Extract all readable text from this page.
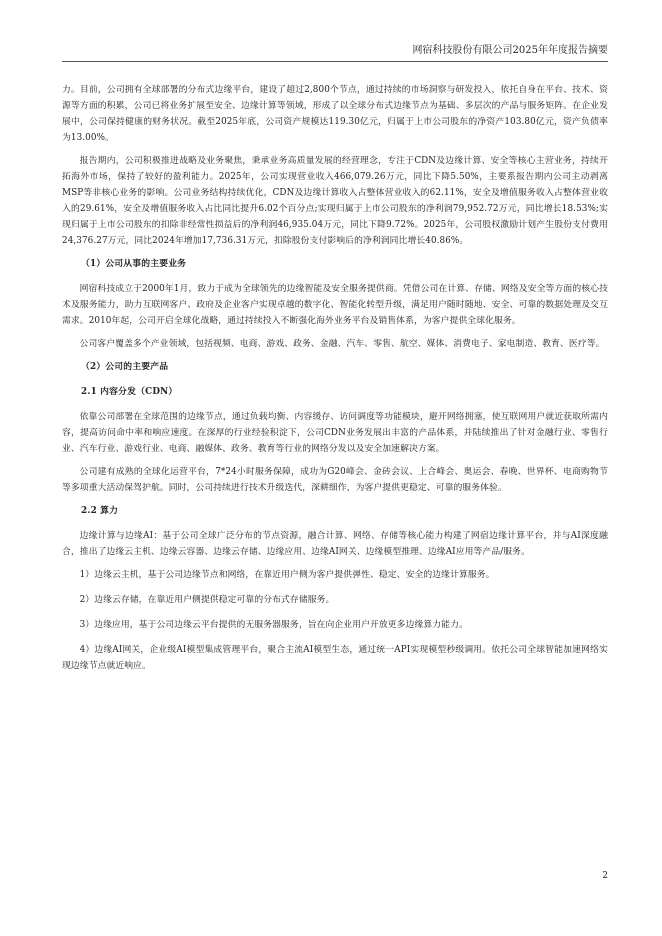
网宿科技股份有限公司2025年年度报告摘要

力。目前，公司拥有全球部署的分布式边缘平台，建设了超过2,800个节点，通过持续的市场洞察与研发投入，依托自身在平台、技术、资源等方面的积累，公司已将业务扩展至安全、边缘计算等领域，形成了以全球分布式边缘节点为基础、多层次的产品与服务矩阵。在企业发展中，公司保持健康的财务状况。截至2025年底，公司资产规模达119.30亿元，归属于上市公司股东的净资产103.80亿元，资产负债率为13.00%。

报告期内，公司积极推进战略及业务聚焦，秉承业务高质量发展的经营理念，专注于CDN及边缘计算、安全等核心主营业务，持续开拓海外市场，保持了较好的盈利能力。2025年，公司实现营业收入466,079.26万元，同比下降5.50%，主要系报告期内公司主动剥离MSP等非核心业务的影响。公司业务结构持续优化，CDN及边缘计算收入占整体营业收入的62.11%，安全及增值服务收入占整体营业收入的29.61%，安全及增值服务收入占比同比提升6.02个百分点;实现归属于上市公司股东的净利润79,952.72万元，同比增长18.53%;实现归属于上市公司股东的扣除非经常性损益后的净利润46,935.04万元，同比下降9.72%。2025年，公司股权激励计划产生股份支付费用24,376.27万元，同比2024年增加17,736.31万元，扣除股份支付影响后的净利润同比增长40.86%。

（1）公司从事的主要业务

网宿科技成立于2000年1月，致力于成为全球领先的边缘智能及安全服务提供商。凭借公司在计算、存储、网络及安全等方面的核心技术及服务能力，助力互联网客户、政府及企业客户实现卓越的数字化、智能化转型升级，满足用户随时随地、安全、可靠的数据处理及交互需求。2010年起，公司开启全球化战略，通过持续投入不断强化海外业务平台及销售体系，为客户提供全球化服务。

公司客户覆盖多个产业领域，包括视频、电商、游戏、政务、金融、汽车、零售、航空、媒体、消费电子、家电制造、教育、医疗等。

（2）公司的主要产品
2.1 内容分发（CDN）

依靠公司部署在全球范围的边缘节点，通过负载均衡、内容缓存、访问调度等功能模块，避开网络拥塞，使互联网用户就近获取所需内容，提高访问命中率和响应速度。在深厚的行业经验积淀下，公司CDN业务发展出丰富的产品体系，并陆续推出了针对金融行业、零售行业、汽车行业、游戏行业、电商、融媒体、政务、教育等行业的网络分发以及安全加速解决方案。

公司建有成熟的全球化运营平台，7*24小时服务保障，成功为G20峰会、金砖会议、上合峰会、奥运会、春晚、世界杯、电商购物节等多项重大活动保驾护航。同时，公司持续进行技术升级迭代，深耕细作，为客户提供更稳定、可靠的服务体验。

2.2 算力

边缘计算与边缘AI：基于公司全球广泛分布的节点资源，融合计算、网络、存储等核心能力构建了网宿边缘计算平台，并与AI深度融合，推出了边缘云主机、边缘云容器、边缘云存储、边缘应用、边缘AI网关、边缘模型推理、边缘AI应用等产品/服务。

1）边缘云主机，基于公司边缘节点和网络，在靠近用户侧为客户提供弹性、稳定、安全的边缘计算服务。

2）边缘云存储，在靠近用户侧提供稳定可靠的分布式存储服务。

3）边缘应用，基于公司边缘云平台提供的无服务器服务，旨在向企业用户开放更多边缘算力能力。

4）边缘AI网关，企业级AI模型集成管理平台，聚合主流AI模型生态，通过统一API实现模型秒级调用。依托公司全球智能加速网络实现边缘节点就近响应。

2
